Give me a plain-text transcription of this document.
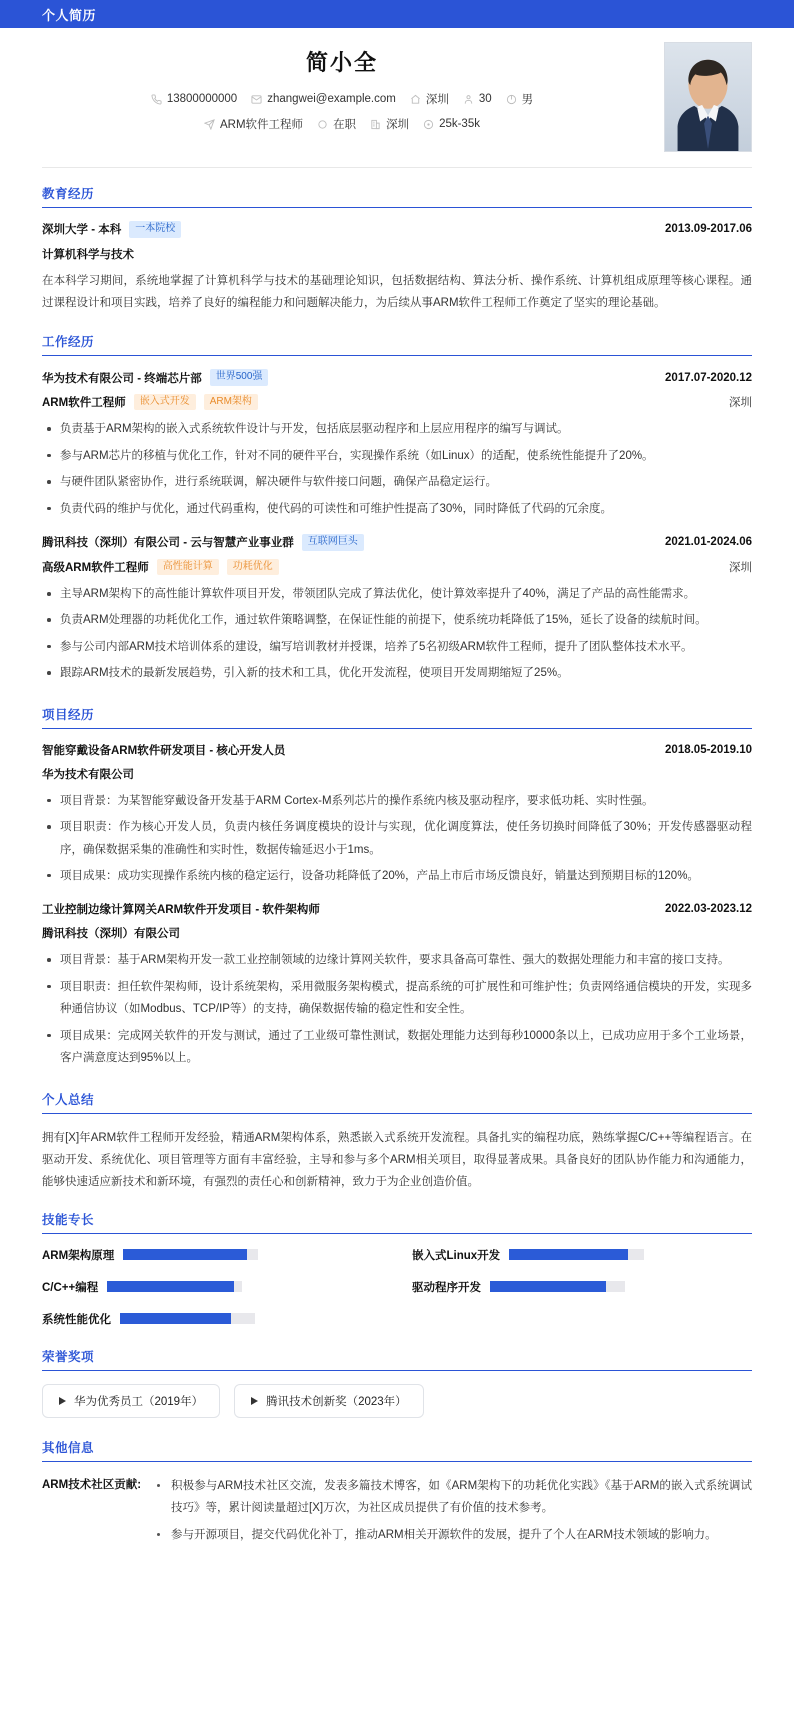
个人简历
简小全
13800000000	zhangwei@example.com	深圳	30	男
ARM软件工程师	在职	深圳	25k-35k
教育经历
深圳大学 - 本科	一本院校	2013.09-2017.06
计算机科学与技术
在本科学习期间，系统地掌握了计算机科学与技术的基础理论知识，包括数据结构、算法分析、操作系统、计算机组成原理等核心课程。通过课程设计和项目实践，培养了良好的编程能力和问题解决能力，为后续从事ARM软件工程师工作奠定了坚实的理论基础。
工作经历
华为技术有限公司 - 终端芯片部	世界500强	2017.07-2020.12
ARM软件工程师	嵌入式开发	ARM架构	深圳
负责基于ARM架构的嵌入式系统软件设计与开发，包括底层驱动程序和上层应用程序的编写与调试。
参与ARM芯片的移植与优化工作，针对不同的硬件平台，实现操作系统（如Linux）的适配，使系统性能提升了20%。
与硬件团队紧密协作，进行系统联调，解决硬件与软件接口问题，确保产品稳定运行。
负责代码的维护与优化，通过代码重构，使代码的可读性和可维护性提高了30%，同时降低了代码的冗余度。
腾讯科技（深圳）有限公司 - 云与智慧产业事业群	互联网巨头	2021.01-2024.06
高级ARM软件工程师	高性能计算	功耗优化	深圳
主导ARM架构下的高性能计算软件项目开发，带领团队完成了算法优化，使计算效率提升了40%，满足了产品的高性能需求。
负责ARM处理器的功耗优化工作，通过软件策略调整，在保证性能的前提下，使系统功耗降低了15%，延长了设备的续航时间。
参与公司内部ARM技术培训体系的建设，编写培训教材并授课，培养了5名初级ARM软件工程师，提升了团队整体技术水平。
跟踪ARM技术的最新发展趋势，引入新的技术和工具，优化开发流程，使项目开发周期缩短了25%。
项目经历
智能穿戴设备ARM软件研发项目 - 核心开发人员	2018.05-2019.10
华为技术有限公司
项目背景：为某智能穿戴设备开发基于ARM Cortex-M系列芯片的操作系统内核及驱动程序，要求低功耗、实时性强。
项目职责：作为核心开发人员，负责内核任务调度模块的设计与实现，优化调度算法，使任务切换时间降低了30%；开发传感器驱动程序，确保数据采集的准确性和实时性，数据传输延迟小于1ms。
项目成果：成功实现操作系统内核的稳定运行，设备功耗降低了20%，产品上市后市场反馈良好，销量达到预期目标的120%。
工业控制边缘计算网关ARM软件开发项目 - 软件架构师	2022.03-2023.12
腾讯科技（深圳）有限公司
项目背景：基于ARM架构开发一款工业控制领域的边缘计算网关软件，要求具备高可靠性、强大的数据处理能力和丰富的接口支持。
项目职责：担任软件架构师，设计系统架构，采用微服务架构模式，提高系统的可扩展性和可维护性；负责网络通信模块的开发，实现多种通信协议（如Modbus、TCP/IP等）的支持，确保数据传输的稳定性和安全性。
项目成果：完成网关软件的开发与测试，通过了工业级可靠性测试，数据处理能力达到每秒10000条以上，已成功应用于多个工业场景，客户满意度达到95%以上。
个人总结
拥有[X]年ARM软件工程师开发经验，精通ARM架构体系，熟悉嵌入式系统开发流程。具备扎实的编程功底，熟练掌握C/C++等编程语言。在驱动开发、系统优化、项目管理等方面有丰富经验，主导和参与多个ARM相关项目，取得显著成果。具备良好的团队协作能力和沟通能力，能够快速适应新技术和新环境，有强烈的责任心和创新精神，致力于为企业创造价值。
技能专长
ARM架构原理	嵌入式Linux开发
C/C++编程	驱动程序开发
系统性能优化
荣誉奖项
华为优秀员工（2019年）	腾讯技术创新奖（2023年）
其他信息
ARM技术社区贡献:	积极参与ARM技术社区交流，发表多篇技术博客，如《ARM架构下的功耗优化实践》《基于ARM的嵌入式系统调试技巧》等，累计阅读量超过[X]万次，为社区成员提供了有价值的技术参考。
参与开源项目，提交代码优化补丁，推动ARM相关开源软件的发展，提升了个人在ARM技术领域的影响力。
